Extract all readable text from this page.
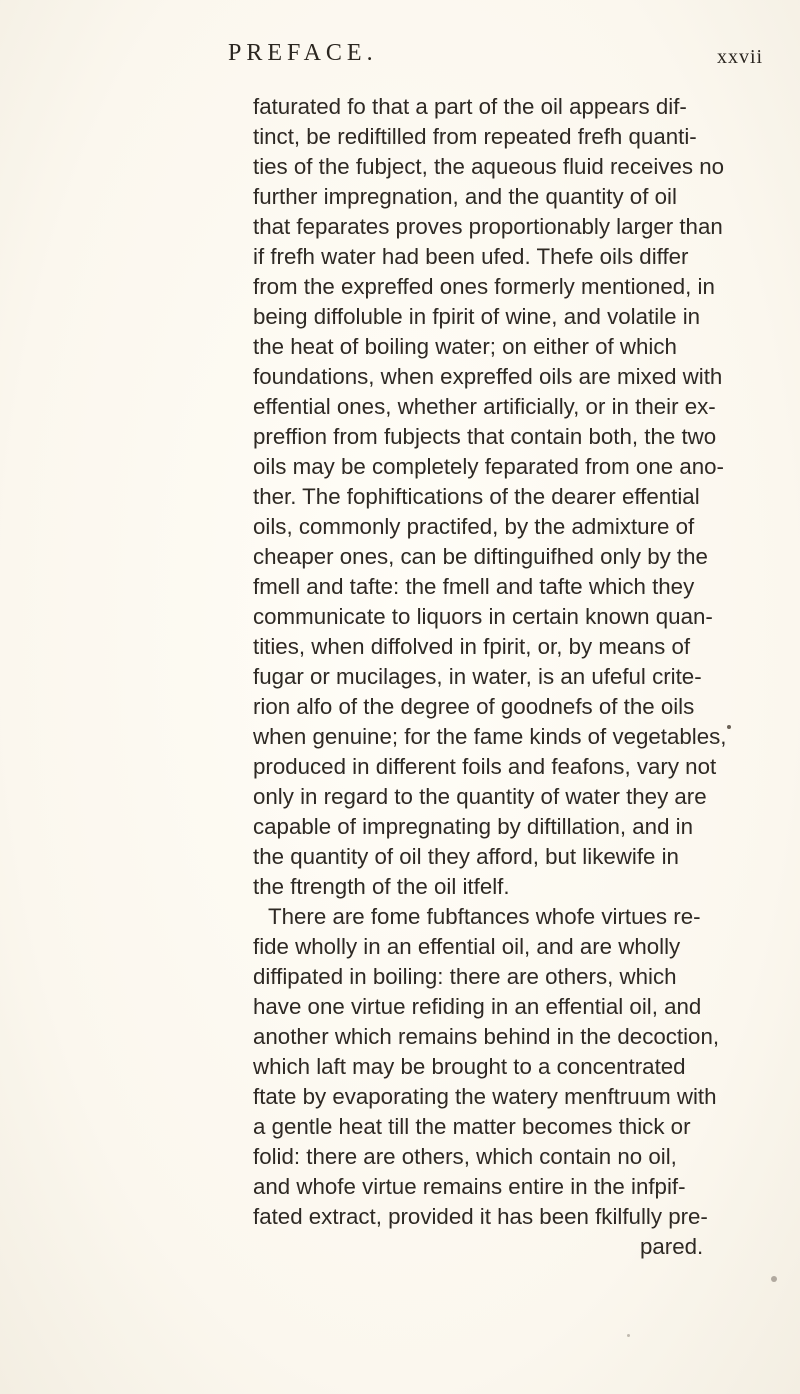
PREFACE.	xxvii
faturated fo that a part of the oil appears dif-
tinct, be rediftilled from repeated frefh quanti-
ties of the fubject, the aqueous fluid receives no
further impregnation, and the quantity of oil
that feparates proves proportionably larger than
if frefh water had been ufed. Thefe oils differ
from the expreffed ones formerly mentioned, in
being diffoluble in fpirit of wine, and volatile in
the heat of boiling water; on either of which
foundations, when expreffed oils are mixed with
effential ones, whether artificially, or in their ex-
preffion from fubjects that contain both, the two
oils may be completely feparated from one ano-
ther. The fophiftications of the dearer effential
oils, commonly practifed, by the admixture of
cheaper ones, can be diftinguifhed only by the
fmell and tafte: the fmell and tafte which they
communicate to liquors in certain known quan-
tities, when diffolved in fpirit, or, by means of
fugar or mucilages, in water, is an ufeful crite-
rion alfo of the degree of goodnefs of the oils
when genuine; for the fame kinds of vegetables,
produced in different foils and feafons, vary not
only in regard to the quantity of water they are
capable of impregnating by diftillation, and in
the quantity of oil they afford, but likewife in
the ftrength of the oil itfelf.
There are fome fubftances whofe virtues re-
fide wholly in an effential oil, and are wholly
diffipated in boiling: there are others, which
have one virtue refiding in an effential oil, and
another which remains behind in the decoction,
which laft may be brought to a concentrated
ftate by evaporating the watery menftruum with
a gentle heat till the matter becomes thick or
folid: there are others, which contain no oil,
and whofe virtue remains entire in the infpif-
fated extract, provided it has been fkilfully pre-
pared.
